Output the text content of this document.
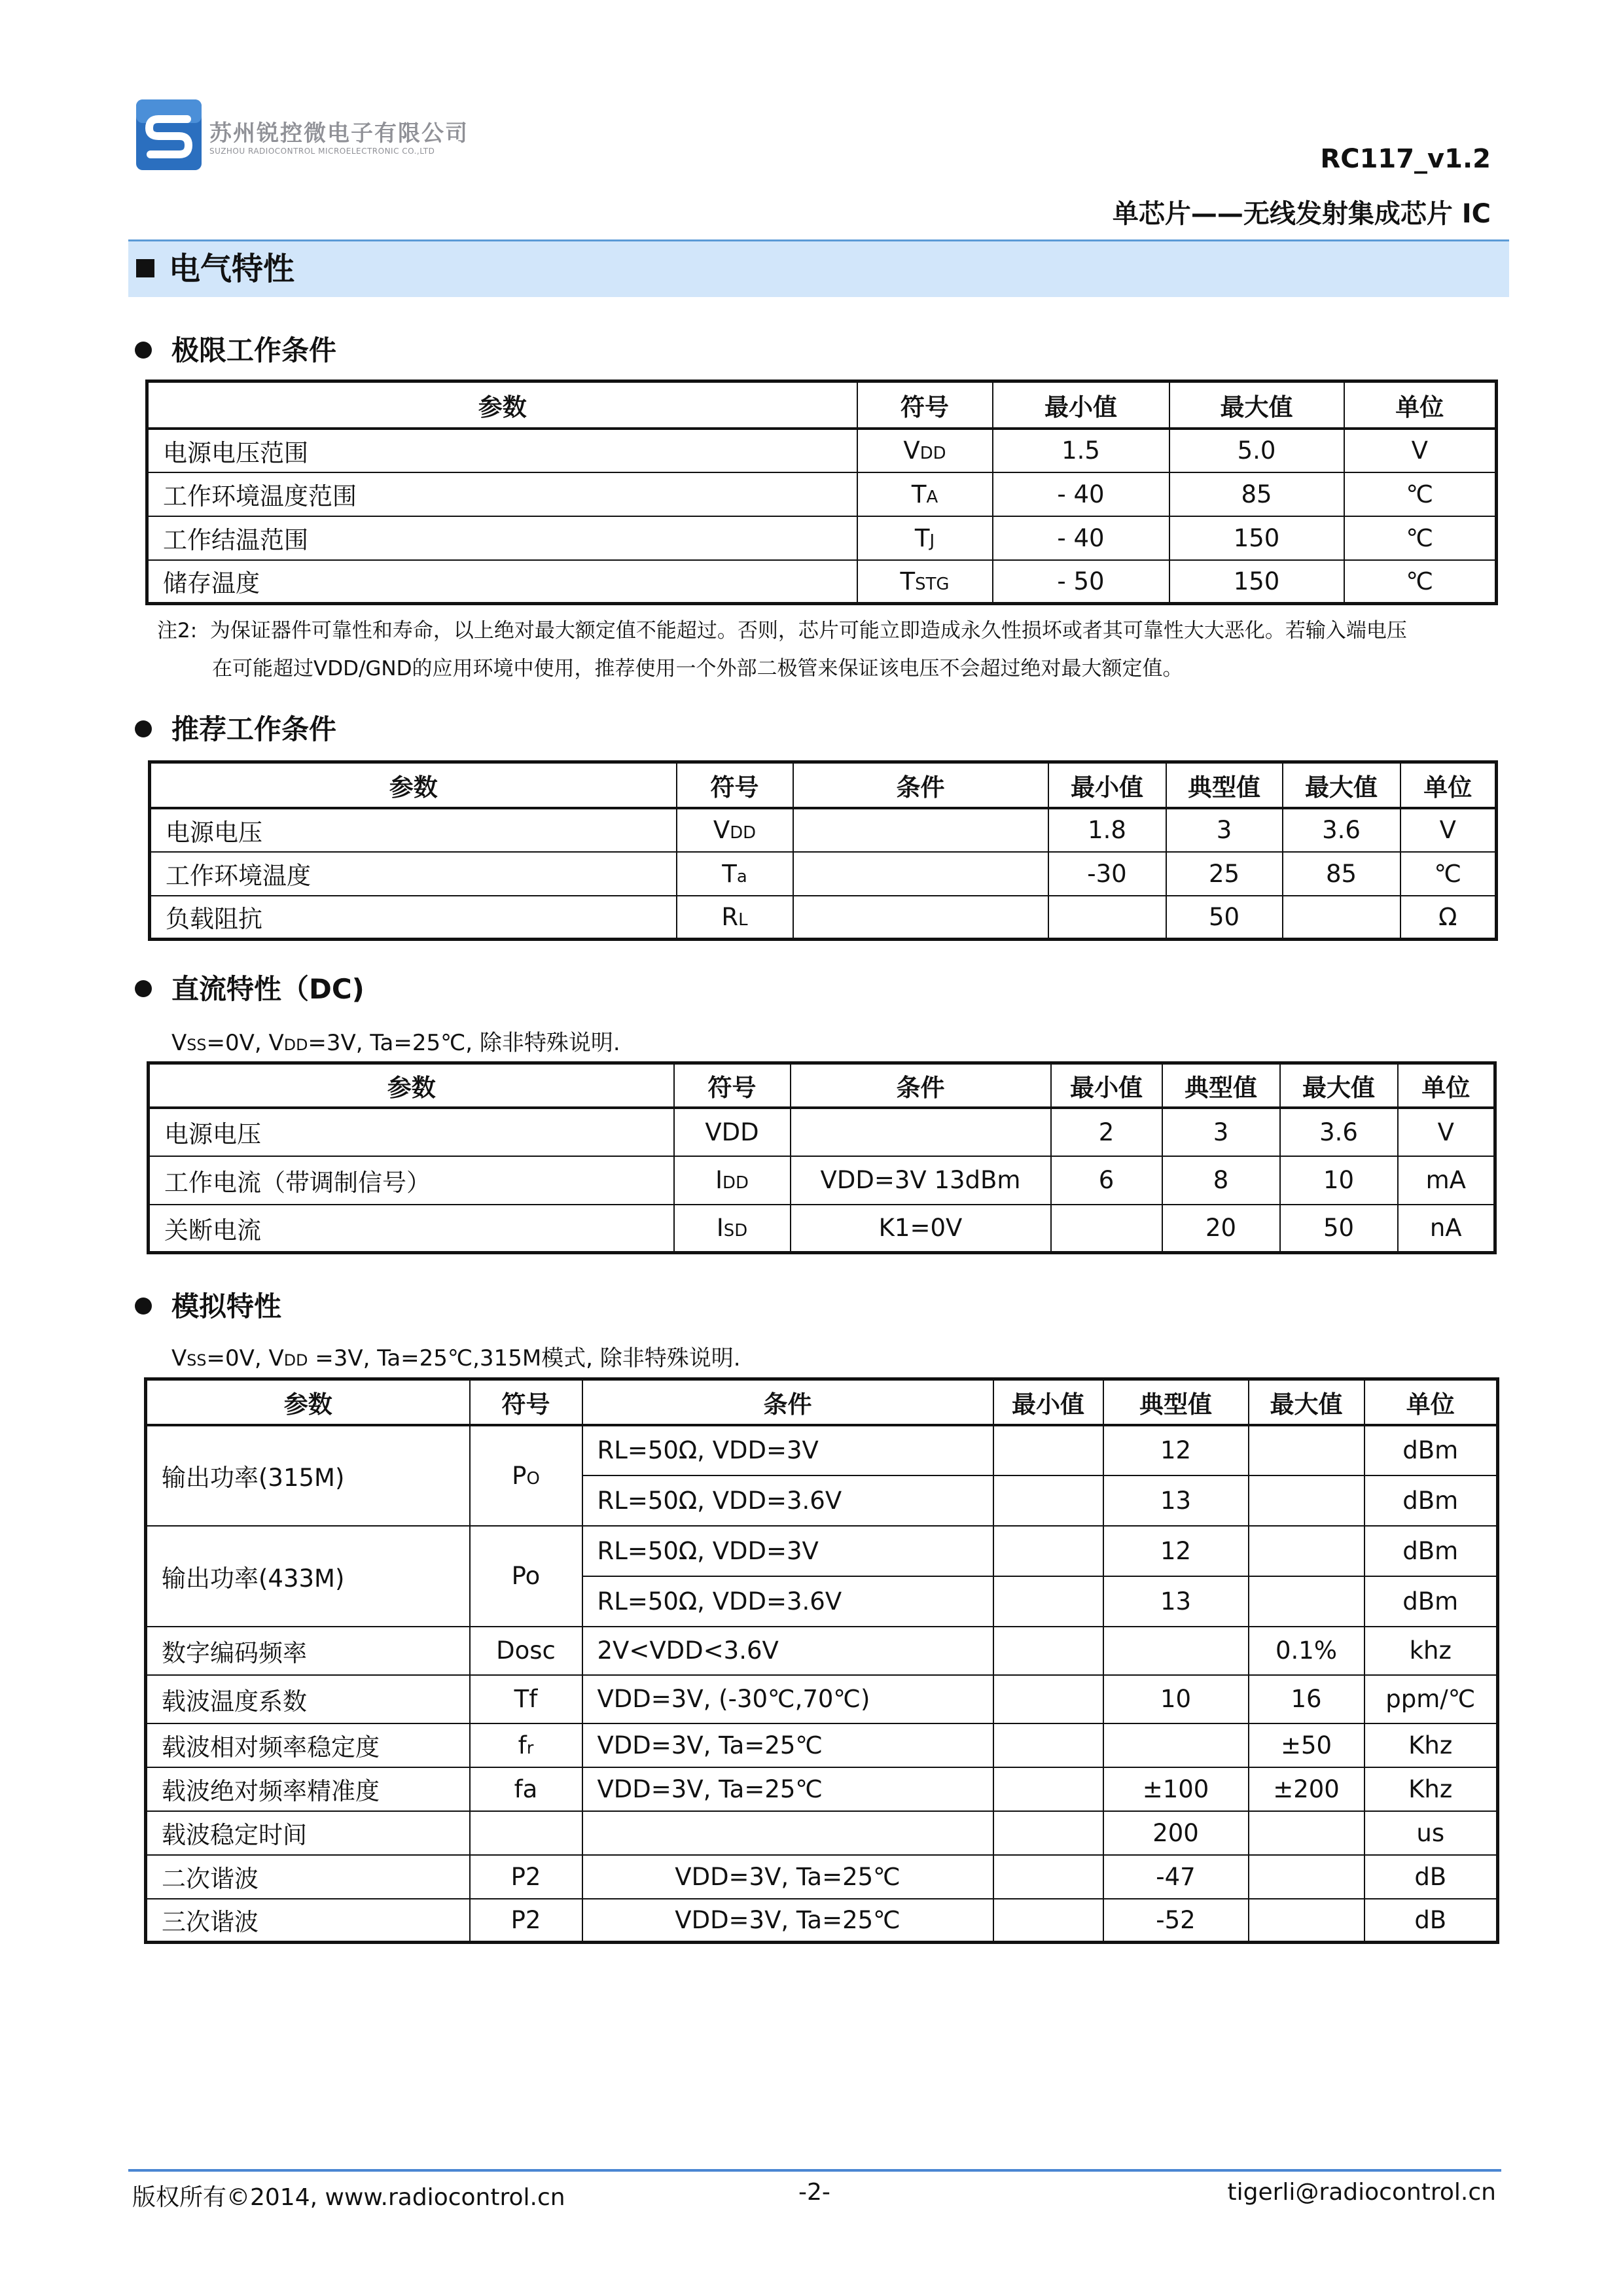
苏州锐控微电子有限公司
SUZHOU RADIOCONTROL MICROELECTRONIC CO.,LTD	RC117_v1.2
单芯片——无线发射集成芯片 IC
电气特性
极限工作条件
参数	符号	最小值	最大值	单位
电源电压范围	VDD	1.5	5.0	V
工作环境温度范围	TA	- 40	85	℃
工作结温范围	TJ	- 40	150	℃
储存温度	TSTG	- 50	150	℃
注2: 为保证器件可靠性和寿命，以上绝对最大额定值不能超过。否则，芯片可能立即造成永久性损坏或者其可靠性大大恶化。若输入端电压
在可能超过VDD/GND的应用环境中使用，推荐使用一个外部二极管来保证该电压不会超过绝对最大额定值。
推荐工作条件
参数	符号	条件	最小值	典型值	最大值	单位
电源电压	VDD		1.8	3	3.6	V
工作环境温度	Ta		-30	25	85	℃
负载阻抗	RL			50		Ω
直流特性（DC)
VSS=0V, VDD=3V, Ta=25℃, 除非特殊说明.
参数	符号	条件	最小值	典型值	最大值	单位
电源电压	VDD		2	3	3.6	V
工作电流（带调制信号）	IDD	VDD=3V 13dBm	6	8	10	mA
关断电流	ISD	K1=0V		20	50	nA
模拟特性
VSS=0V, VDD =3V, Ta=25℃,315M模式, 除非特殊说明.
参数	符号	条件	最小值	典型值	最大值	单位
输出功率(315M)	PO	RL=50Ω, VDD=3V		12		dBm
		RL=50Ω, VDD=3.6V		13		dBm
输出功率(433M)	Po	RL=50Ω, VDD=3V		12		dBm
		RL=50Ω, VDD=3.6V		13		dBm
数字编码频率	Dosc	2V<VDD<3.6V			0.1%	khz
载波温度系数	Tf	VDD=3V, (-30℃,70℃)		10	16	ppm/℃
载波相对频率稳定度	fr	VDD=3V, Ta=25℃			±50	Khz
载波绝对频率精准度	fa	VDD=3V, Ta=25℃		±100	±200	Khz
载波稳定时间				200		us
二次谐波	P2	VDD=3V, Ta=25℃		-47		dB
三次谐波	P2	VDD=3V, Ta=25℃		-52		dB
版权所有©2014, www.radiocontrol.cn	-2-	tigerli@radiocontrol.cn
